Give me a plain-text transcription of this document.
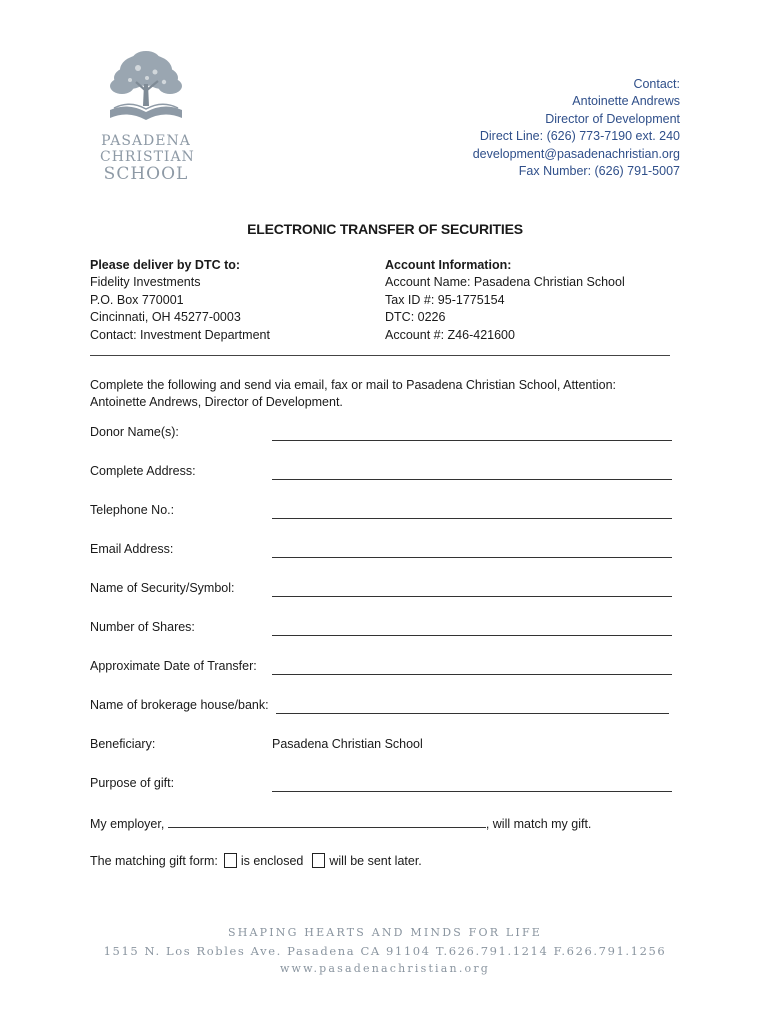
PASADENA
CHRISTIAN
SCHOOL
Contact:
Antoinette Andrews
Director of Development
Direct Line: (626) 773-7190 ext. 240
development@pasadenachristian.org
Fax Number: (626) 791-5007
ELECTRONIC TRANSFER OF SECURITIES
Please deliver by DTC to:
Fidelity Investments
P.O. Box 770001
Cincinnati, OH 45277-0003
Contact: Investment Department
Account Information:
Account Name: Pasadena Christian School
Tax ID #: 95-1775154
DTC: 0226
Account #: Z46-421600
Complete the following and send via email, fax or mail to Pasadena Christian School, Attention: Antoinette Andrews, Director of Development.
Donor Name(s):
Complete Address:
Telephone No.:
Email Address:
Name of Security/Symbol:
Number of Shares:
Approximate Date of Transfer:
Name of brokerage house/bank:
Beneficiary:	Pasadena Christian School
Purpose of gift:
My employer,	, will match my gift.
The matching gift form: is enclosed will be sent later.
SHAPING HEARTS AND MINDS FOR LIFE
1515 N. Los Robles Ave. Pasadena CA 91104 T.626.791.1214 F.626.791.1256
www.pasadenachristian.org
